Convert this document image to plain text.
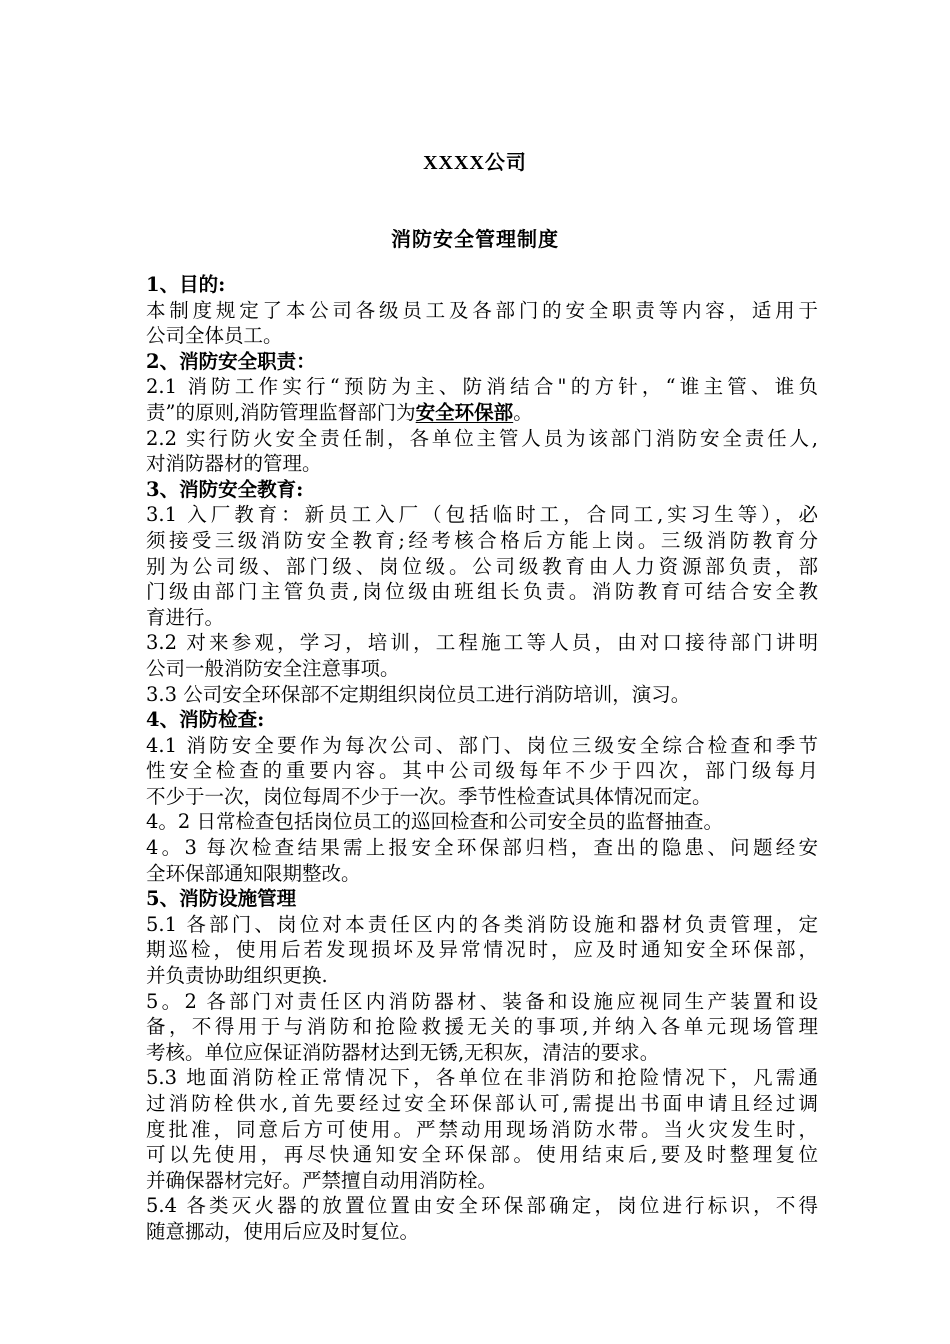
XXXX公司
消防安全管理制度
1、目的:
本制度规定了本公司各级员工及各部门的安全职责等内容，适用于
公司全体员工。
2、消防安全职责：
2.1 消防工作实行“预防为主、防消结合"的方针，“谁主管、谁负
责”的原则,消防管理监督部门为安全环保部。
2.2 实行防火安全责任制，各单位主管人员为该部门消防安全责任人,
对消防器材的管理。
3、消防安全教育:
3.1 入厂教育：新员工入厂（包括临时工，合同工,实习生等），必
须接受三级消防安全教育;经考核合格后方能上岗。三级消防教育分
别为公司级、部门级、岗位级。公司级教育由人力资源部负责，部
门级由部门主管负责,岗位级由班组长负责。消防教育可结合安全教
育进行。
3.2 对来参观，学习，培训，工程施工等人员，由对口接待部门讲明
公司一般消防安全注意事项。
3.3 公司安全环保部不定期组织岗位员工进行消防培训，演习。
4、消防检查:
4.1 消防安全要作为每次公司、部门、岗位三级安全综合检查和季节
性安全检查的重要内容。其中公司级每年不少于四次，部门级每月
不少于一次，岗位每周不少于一次。季节性检查试具体情况而定。
4。2 日常检查包括岗位员工的巡回检查和公司安全员的监督抽查。
4。3 每次检查结果需上报安全环保部归档，查出的隐患、问题经安
全环保部通知限期整改。
5、消防设施管理
5.1 各部门、岗位对本责任区内的各类消防设施和器材负责管理，定
期巡检，使用后若发现损坏及异常情况时，应及时通知安全环保部，
并负责协助组织更换.
5。2 各部门对责任区内消防器材、装备和设施应视同生产装置和设
备，不得用于与消防和抢险救援无关的事项,并纳入各单元现场管理
考核。单位应保证消防器材达到无锈,无积灰，清洁的要求。
5.3 地面消防栓正常情况下，各单位在非消防和抢险情况下，凡需通
过消防栓供水,首先要经过安全环保部认可,需提出书面申请且经过调
度批准，同意后方可使用。严禁动用现场消防水带。当火灾发生时，
可以先使用，再尽快通知安全环保部。使用结束后,要及时整理复位
并确保器材完好。严禁擅自动用消防栓。
5.4 各类灭火器的放置位置由安全环保部确定，岗位进行标识，不得
随意挪动，使用后应及时复位。
